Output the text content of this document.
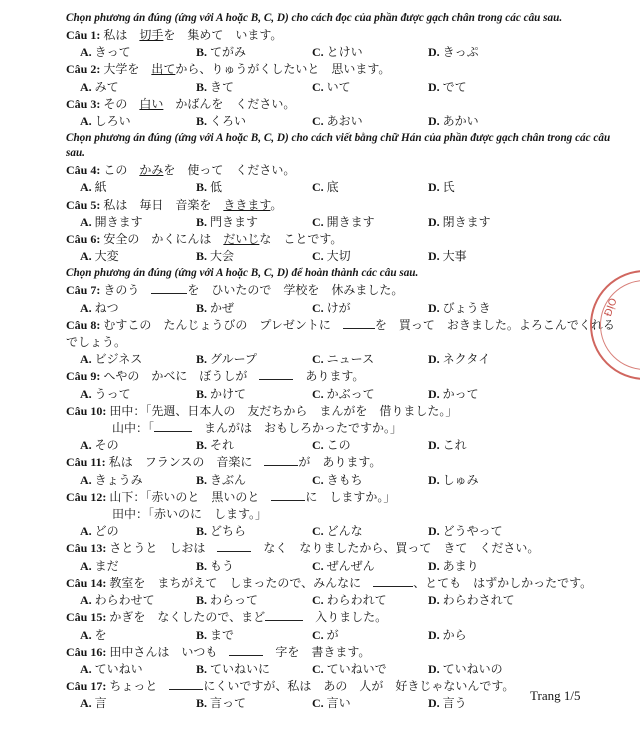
Chọn phương án đúng (ứng với A hoặc B, C, D) cho cách đọc của phần được gạch chân trong các câu sau.
Câu 1: 私は　切手を　集めて　います。
A. きって	B. てがみ	C. とけい	D. きっぷ
Câu 2: 大学を　出てから、りゅうがくしたいと　思います。
A. みて	B. きて	C. いて	D. でて
Câu 3: その　白い　かばんを　ください。
A. しろい	B. くろい	C. あおい	D. あかい
Chọn phương án đúng (ứng với A hoặc B, C, D) cho cách viết bằng chữ Hán của phần được gạch chân trong các câu sau.
Câu 4: この　かみを　使って　ください。
A. 紙	B. 低	C. 底	D. 氏
Câu 5: 私は　毎日　音楽を　ききます。
A. 開きます	B. 門きます	C. 開きます	D. 閉きます
Câu 6: 安全の　かくにんは　だいじな　ことです。
A. 大変	B. 大会	C. 大切	D. 大事
Chọn phương án đúng (ứng với A hoặc B, C, D) để hoàn thành các câu sau.
Câu 7: きのう　	を　ひいたので　学校を　休みました。
A. ねつ	B. かぜ	C. けが	D. びょうき
Câu 8: むすこの　たんじょうびの　プレゼントに　	を　買って　おきました。よろこんでくれるでしょう。
A. ビジネス	B. グループ	C. ニュース	D. ネクタイ
Câu 9: へやの　かべに　ぼうしが　	　あります。
A. うって	B. かけて	C. かぶって	D. かって
Câu 10: 田中：「先週、日本人の　友だちから　まんがを　借りました。」
山中：「	　まんがは　おもしろかったですか。」
A. その	B. それ	C. この	D. これ
Câu 11: 私は　フランスの　音楽に　	が　あります。
A. きょうみ	B. きぶん	C. きもち	D. しゅみ
Câu 12: 山下：「赤いのと　黒いのと　	に　しますか。」
田中：「赤いのに　します。」
A. どの	B. どちら	C. どんな	D. どうやって
Câu 13: さとうと　しおは　	　なく　なりましたから、買って　きて　ください。
A. まだ	B. もう	C. ぜんぜん	D. あまり
Câu 14: 教室を　まちがえて　しまったので、みんなに　	、とても　はずかしかったです。
A. わらわせて	B. わらって	C. わらわれて	D. わらわされて
Câu 15: かぎを　なくしたので、まど	　入りました。
A. を	B. まで	C. が	D. から
Câu 16: 田中さんは　いつも　	　字を　書きます。
A. ていねい	B. ていねいに	C. ていねいで	D. ていねいの
Câu 17: ちょっと　	にくいですが、私は　あの　人が　好きじゃないんです。
A. 言	B. 言って	C. 言い	D. 言う
ĐỊO
Trang 1/5
